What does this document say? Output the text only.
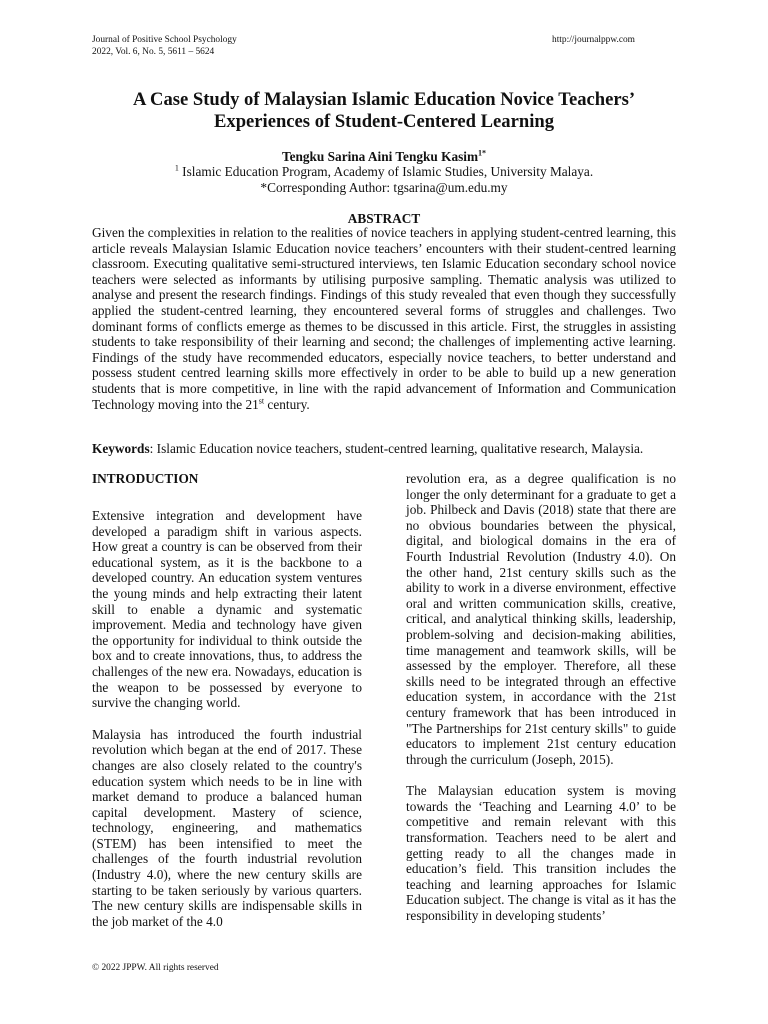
Journal of Positive School Psychology
2022, Vol. 6, No. 5, 5611 – 5624
http://journalppw.com
A Case Study of Malaysian Islamic Education Novice Teachers’
Experiences of Student-Centered Learning
Tengku Sarina Aini Tengku Kasim$^{1*}$
$^1$ Islamic Education Program, Academy of Islamic Studies, University Malaya.
*Corresponding Author: tgsarina@um.edu.my
ABSTRACT
Given the complexities in relation to the realities of novice teachers in applying student-centred learning, this article reveals Malaysian Islamic Education novice teachers’ encounters with their student-centred learning classroom. Executing qualitative semi-structured interviews, ten Islamic Education secondary school novice teachers were selected as informants by utilising purposive sampling. Thematic analysis was utilized to analyse and present the research findings. Findings of this study revealed that even though they successfully applied the student-centred learning, they encountered several forms of struggles and challenges. Two dominant forms of conflicts emerge as themes to be discussed in this article. First, the struggles in assisting students to take responsibility of their learning and second; the challenges of implementing active learning. Findings of the study have recommended educators, especially novice teachers, to better understand and possess student centred learning skills more effectively in order to be able to build up a new generation students that is more competitive, in line with the rapid advancement of Information and Communication Technology moving into the 21st century.
Keywords: Islamic Education novice teachers, student-centred learning, qualitative research, Malaysia.
INTRODUCTION
Extensive integration and development have developed a paradigm shift in various aspects. How great a country is can be observed from their educational system, as it is the backbone to a developed country. An education system ventures the young minds and help extracting their latent skill to enable a dynamic and systematic improvement. Media and technology have given the opportunity for individual to think outside the box and to create innovations, thus, to address the challenges of the new era. Nowadays, education is the weapon to be possessed by everyone to survive the changing world.
Malaysia has introduced the fourth industrial revolution which began at the end of 2017. These changes are also closely related to the country's education system which needs to be in line with market demand to produce a balanced human capital development. Mastery of science, technology, engineering, and mathematics (STEM) has been intensified to meet the challenges of the fourth industrial revolution (Industry 4.0), where the new century skills are starting to be taken seriously by various quarters. The new century skills are indispensable skills in the job market of the 4.0
revolution era, as a degree qualification is no longer the only determinant for a graduate to get a job. Philbeck and Davis (2018) state that there are no obvious boundaries between the physical, digital, and biological domains in the era of Fourth Industrial Revolution (Industry 4.0). On the other hand, 21st century skills such as the ability to work in a diverse environment, effective oral and written communication skills, creative, critical, and analytical thinking skills, leadership, problem-solving and decision-making abilities, time management and teamwork skills, will be assessed by the employer. Therefore, all these skills need to be integrated through an effective education system, in accordance with the 21st century framework that has been introduced in "The Partnerships for 21st century skills" to guide educators to implement 21st century education through the curriculum (Joseph, 2015).
The Malaysian education system is moving towards the ‘Teaching and Learning 4.0’ to be competitive and remain relevant with this transformation. Teachers need to be alert and getting ready to all the changes made in education’s field. This transition includes the teaching and learning approaches for Islamic Education subject. The change is vital as it has the responsibility in developing students’
© 2022 JPPW. All rights reserved
